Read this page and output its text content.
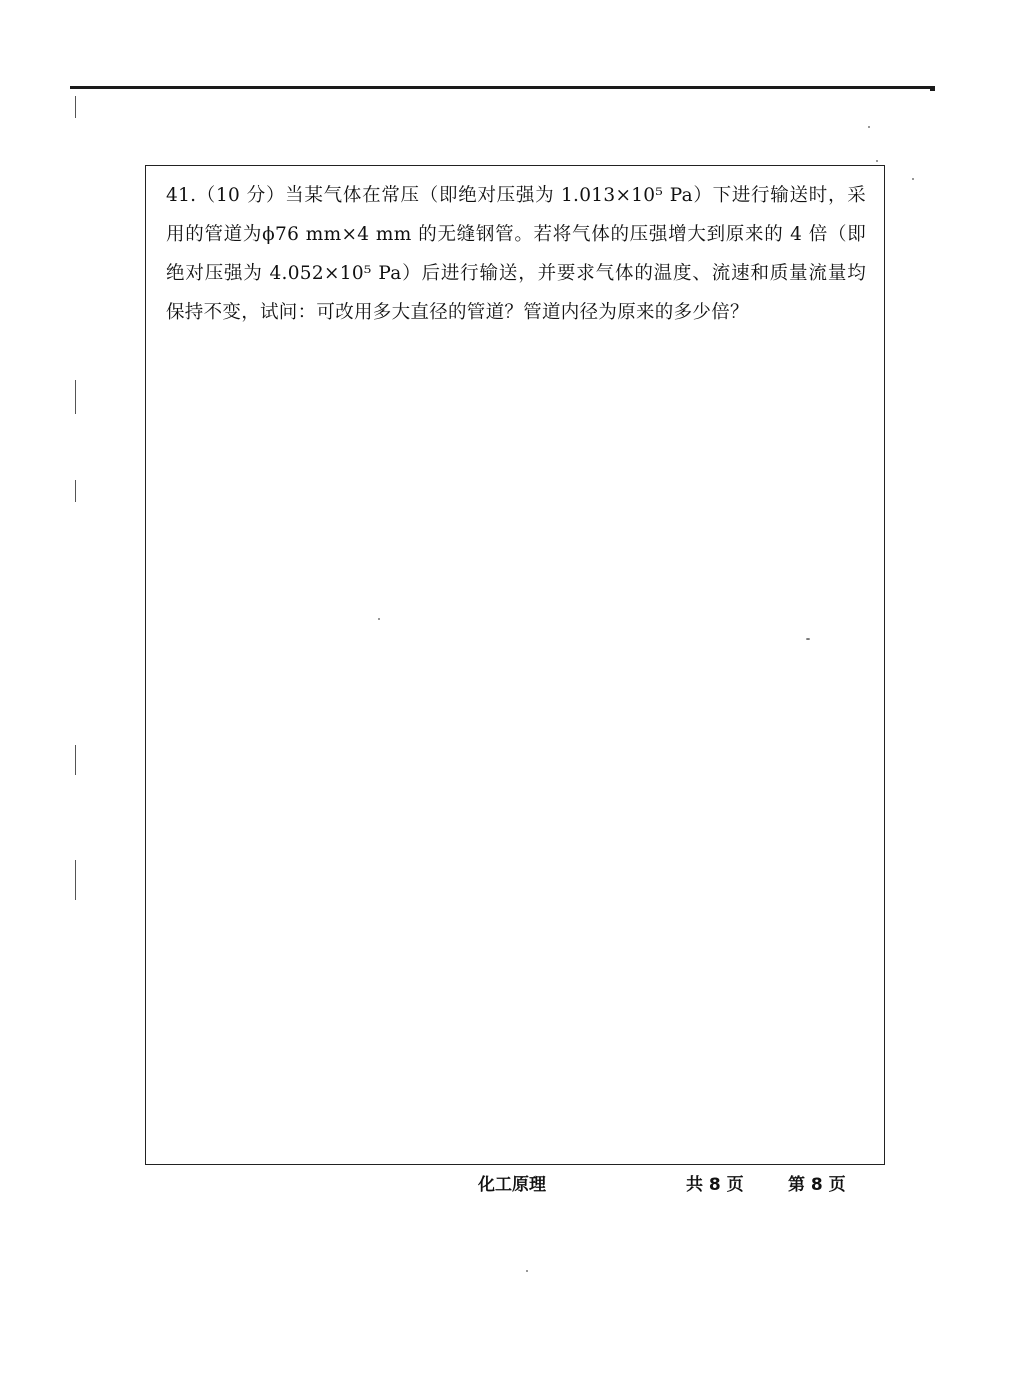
41.（10 分）当某气体在常压（即绝对压强为 1.013×10⁵ Pa）下进行输送时，采用的管道为ϕ76 mm×4 mm 的无缝钢管。若将气体的压强增大到原来的 4 倍（即绝对压强为 4.052×10⁵ Pa）后进行输送，并要求气体的温度、流速和质量流量均保持不变，试问：可改用多大直径的管道？管道内径为原来的多少倍？

化工原理	共 8 页	第 8 页
